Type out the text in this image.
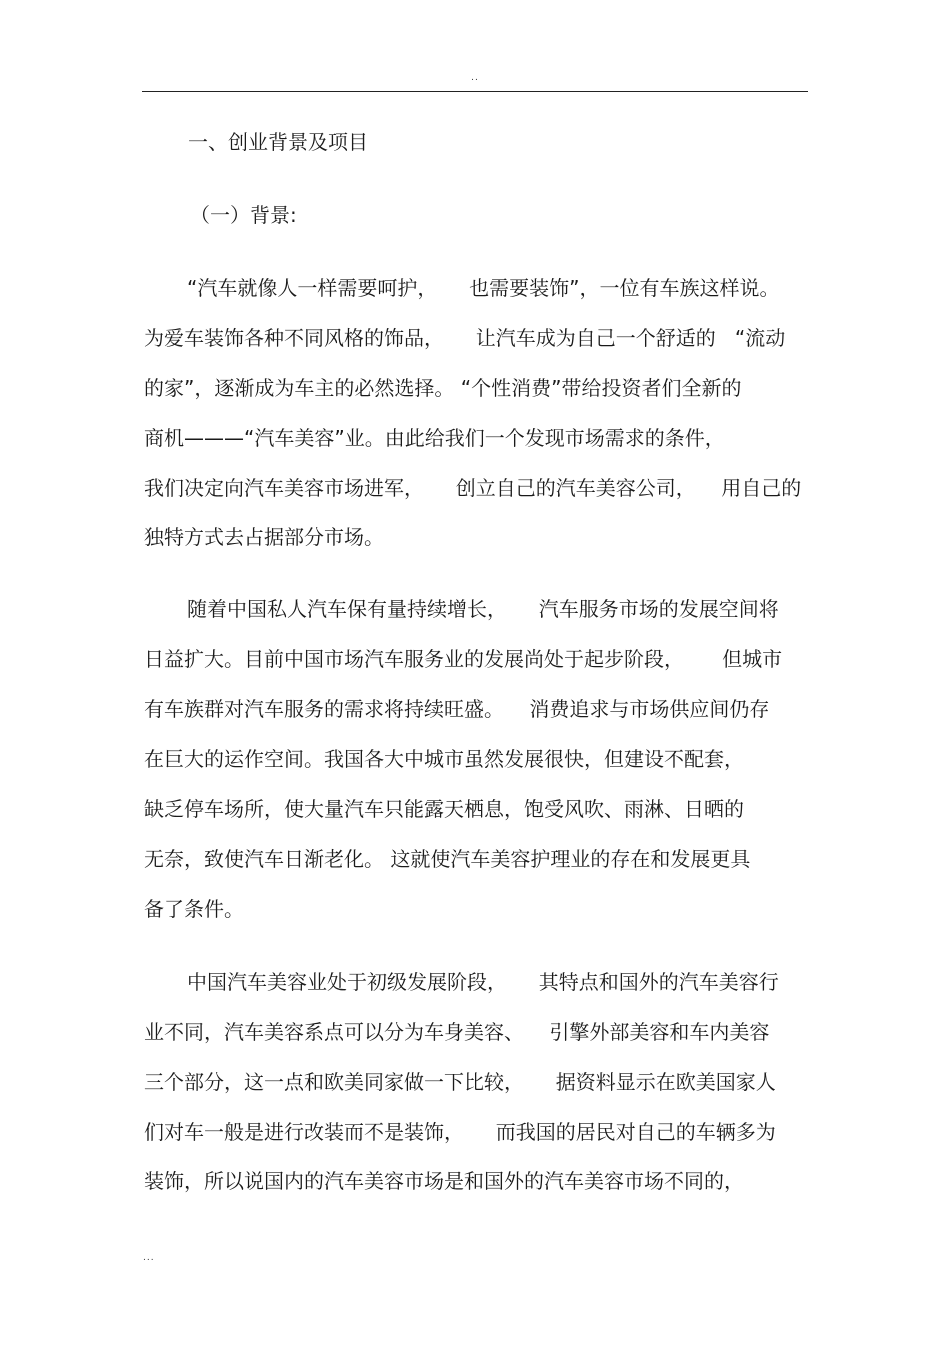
..
一、创业背景及项目
（一）背景:
“汽车就像人一样需要呵护，     也需要装饰”，一位有车族这样说。
为爱车装饰各种不同风格的饰品，     让汽车成为自己一个舒适的   “流动
的家”，逐渐成为车主的必然选择。 “个性消费”带给投资者们全新的
商机———“汽车美容”业。由此给我们一个发现市场需求的条件，
我们决定向汽车美容市场进军，     创立自己的汽车美容公司，    用自己的
独特方式去占据部分市场。
随着中国私人汽车保有量持续增长，     汽车服务市场的发展空间将
日益扩大。目前中国市场汽车服务业的发展尚处于起步阶段，      但城市
有车族群对汽车服务的需求将持续旺盛。    消费追求与市场供应间仍存
在巨大的运作空间。我国各大中城市虽然发展很快，但建设不配套，
缺乏停车场所，使大量汽车只能露天栖息，饱受风吹、雨淋、日晒的
无奈，致使汽车日渐老化。 这就使汽车美容护理业的存在和发展更具
备了条件。
中国汽车美容业处于初级发展阶段，     其特点和国外的汽车美容行
业不同，汽车美容系点可以分为车身美容、    引擎外部美容和车内美容
三个部分，这一点和欧美同家做一下比较，     据资料显示在欧美国家人
们对车一般是进行改装而不是装饰，     而我国的居民对自己的车辆多为
装饰，所以说国内的汽车美容市场是和国外的汽车美容市场不同的，
...
